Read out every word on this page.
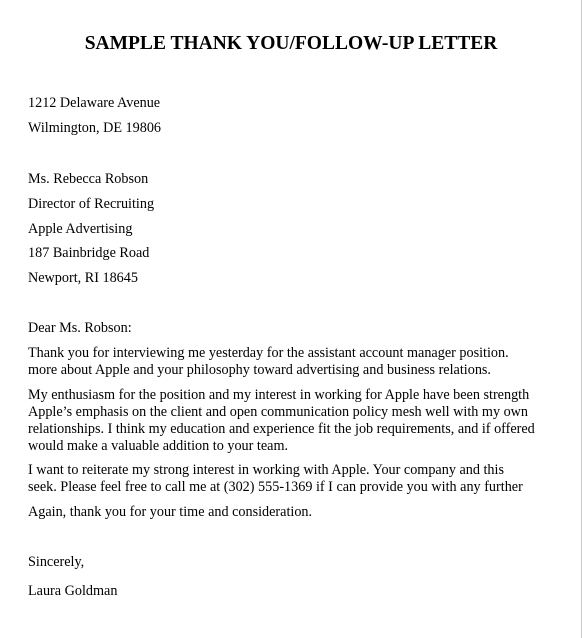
SAMPLE THANK YOU/FOLLOW-UP LETTER
1212 Delaware Avenue
Wilmington, DE 19806
Ms. Rebecca Robson
Director of Recruiting
Apple Advertising
187 Bainbridge Road
Newport, RI 18645
Dear Ms. Robson:
Thank you for interviewing me yesterday for the assistant account manager position.
more about Apple and your philosophy toward advertising and business relations.
My enthusiasm for the position and my interest in working for Apple have been strength
Apple’s emphasis on the client and open communication policy mesh well with my own
relationships. I think my education and experience fit the job requirements, and if offered
would make a valuable addition to your team.
I want to reiterate my strong interest in working with Apple. Your company and this
seek. Please feel free to call me at (302) 555-1369 if I can provide you with any further
Again, thank you for your time and consideration.
Sincerely,
Laura Goldman
